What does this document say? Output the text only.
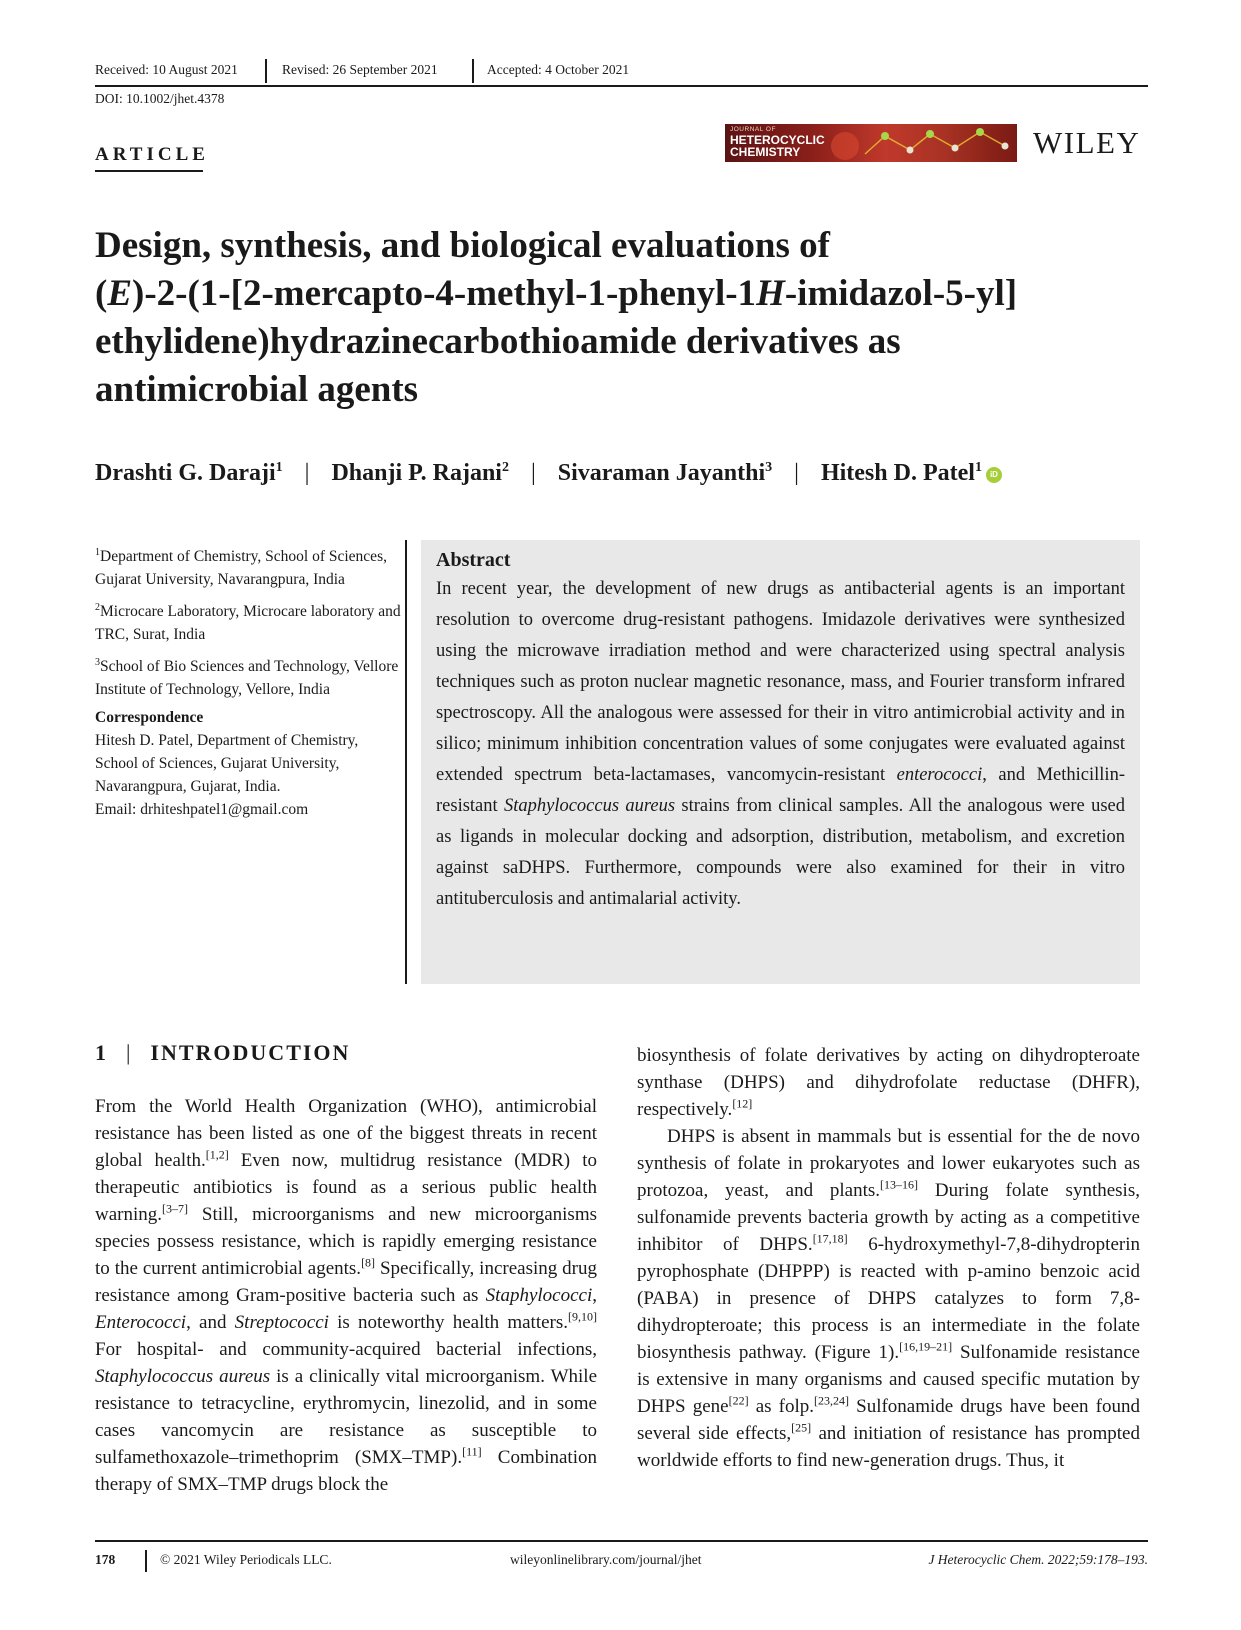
Received: 10 August 2021	Revised: 26 September 2021	Accepted: 4 October 2021
DOI: 10.1002/jhet.4378
ARTICLE
JOURNAL OF
HETEROCYCLIC
CHEMISTRY	WILEY
Design, synthesis, and biological evaluations of
(E)-2-(1-[2-mercapto-4-methyl-1-phenyl-1H-imidazol-5-yl]
ethylidene)hydrazinecarbothioamide derivatives as
antimicrobial agents
Drashti G. Daraji$^1$ | Dhanji P. Rajani$^2$ | Sivaraman Jayanthi$^3$ | Hitesh D. Patel$^1$ iD

$^1$Department of Chemistry, School of Sciences, Gujarat University, Navarangpura, India

$^2$Microcare Laboratory, Microcare laboratory and TRC, Surat, India

$^3$School of Bio Sciences and Technology, Vellore Institute of Technology, Vellore, India

Correspondence

Hitesh D. Patel, Department of Chemistry,

School of Sciences, Gujarat University,

Navarangpura, Gujarat, India.

Email: drhiteshpatel1@gmail.com

Abstract
In recent year, the development of new drugs as antibacterial agents is an important resolution to overcome drug-resistant pathogens. Imidazole derivatives were synthesized using the microwave irradiation method and were characterized using spectral analysis techniques such as proton nuclear magnetic resonance, mass, and Fourier transform infrared spectroscopy. All the analogous were assessed for their in vitro antimicrobial activity and in silico; minimum inhibition concentration values of some conjugates were evaluated against extended spectrum beta-lactamases, vancomycin-resistant enterococci, and Methicillin-resistant Staphylococcus aureus strains from clinical samples. All the analogous were used as ligands in molecular docking and adsorption, distribution, metabolism, and excretion against saDHPS. Furthermore, compounds were also examined for their in vitro antituberculosis and antimalarial activity.
1 | INTRODUCTION

From the World Health Organization (WHO), antimicrobial resistance has been listed as one of the biggest threats in recent global health.[1,2] Even now, multidrug resistance (MDR) to therapeutic antibiotics is found as a serious public health warning.[3–7] Still, microorganisms and new microorganisms species possess resistance, which is rapidly emerging resistance to the current antimicrobial agents.[8] Specifically, increasing drug resistance among Gram-positive bacteria such as Staphylococci, Enterococci, and Streptococci is noteworthy health matters.[9,10] For hospital- and community-acquired bacterial infections, Staphylococcus aureus is a clinically vital microorganism. While resistance to tetracycline, erythromycin, linezolid, and in some cases vancomycin are resistance as susceptible to sulfamethoxazole–trimethoprim (SMX–TMP).[11] Combination therapy of SMX–TMP drugs block the

biosynthesis of folate derivatives by acting on dihydropteroate synthase (DHPS) and dihydrofolate reductase (DHFR), respectively.[12]

DHPS is absent in mammals but is essential for the de novo synthesis of folate in prokaryotes and lower eukaryotes such as protozoa, yeast, and plants.[13–16] During folate synthesis, sulfonamide prevents bacteria growth by acting as a competitive inhibitor of DHPS.[17,18] 6-hydroxymethyl-7,8-dihydropterin pyrophosphate (DHPPP) is reacted with p-amino benzoic acid (PABA) in presence of DHPS catalyzes to form 7,8-dihydropteroate; this process is an intermediate in the folate biosynthesis pathway. (Figure 1).[16,19–21] Sulfonamide resistance is extensive in many organisms and caused specific mutation by DHPS gene[22] as folp.[23,24] Sulfonamide drugs have been found several side effects,[25] and initiation of resistance has prompted worldwide efforts to find new-generation drugs. Thus, it

178	© 2021 Wiley Periodicals LLC.	wileyonlinelibrary.com/journal/jhet	J Heterocyclic Chem. 2022;59:178–193.
